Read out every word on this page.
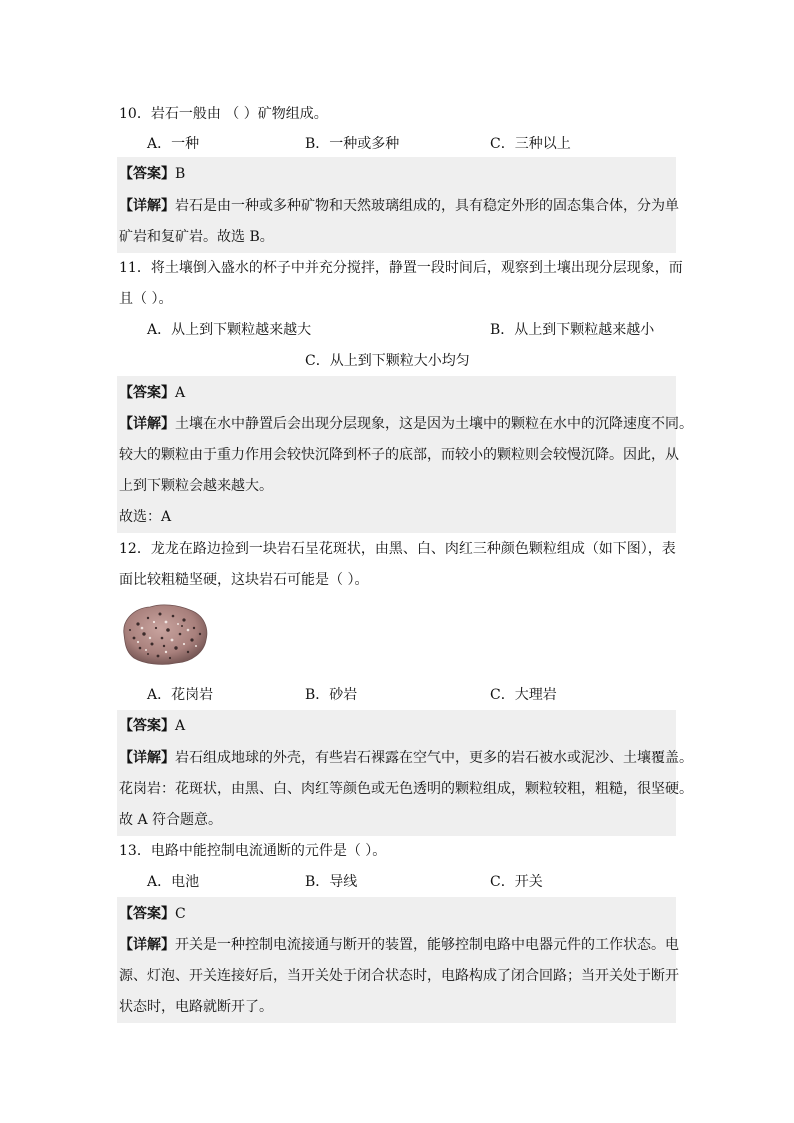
10．岩石一般由 （ ）矿物组成。
A．一种	B．一种或多种	C．三种以上
【答案】B
【详解】岩石是由一种或多种矿物和天然玻璃组成的，具有稳定外形的固态集合体，分为单
矿岩和复矿岩。故选 B。
11．将土壤倒入盛水的杯子中并充分搅拌，静置一段时间后，观察到土壤出现分层现象，而
且（ ）。
A．从上到下颗粒越来越大	B．从上到下颗粒越来越小
C．从上到下颗粒大小均匀
【答案】A
【详解】土壤在水中静置后会出现分层现象，这是因为土壤中的颗粒在水中的沉降速度不同。
较大的颗粒由于重力作用会较快沉降到杯子的底部，而较小的颗粒则会较慢沉降。因此，从
上到下颗粒会越来越大。
故选：A
12．龙龙在路边捡到一块岩石呈花斑状，由黑、白、肉红三种颜色颗粒组成（如下图），表
面比较粗糙坚硬，这块岩石可能是（ ）。
A．花岗岩	B．砂岩	C．大理岩
【答案】A
【详解】岩石组成地球的外壳，有些岩石裸露在空气中，更多的岩石被水或泥沙、土壤覆盖。
花岗岩：花斑状，由黑、白、肉红等颜色或无色透明的颗粒组成，颗粒较粗，粗糙，很坚硬。
故 A 符合题意。
13．电路中能控制电流通断的元件是（ ）。
A．电池	B．导线	C．开关
【答案】C
【详解】开关是一种控制电流接通与断开的装置，能够控制电路中电器元件的工作状态。电
源、灯泡、开关连接好后，当开关处于闭合状态时，电路构成了闭合回路；当开关处于断开
状态时，电路就断开了。
